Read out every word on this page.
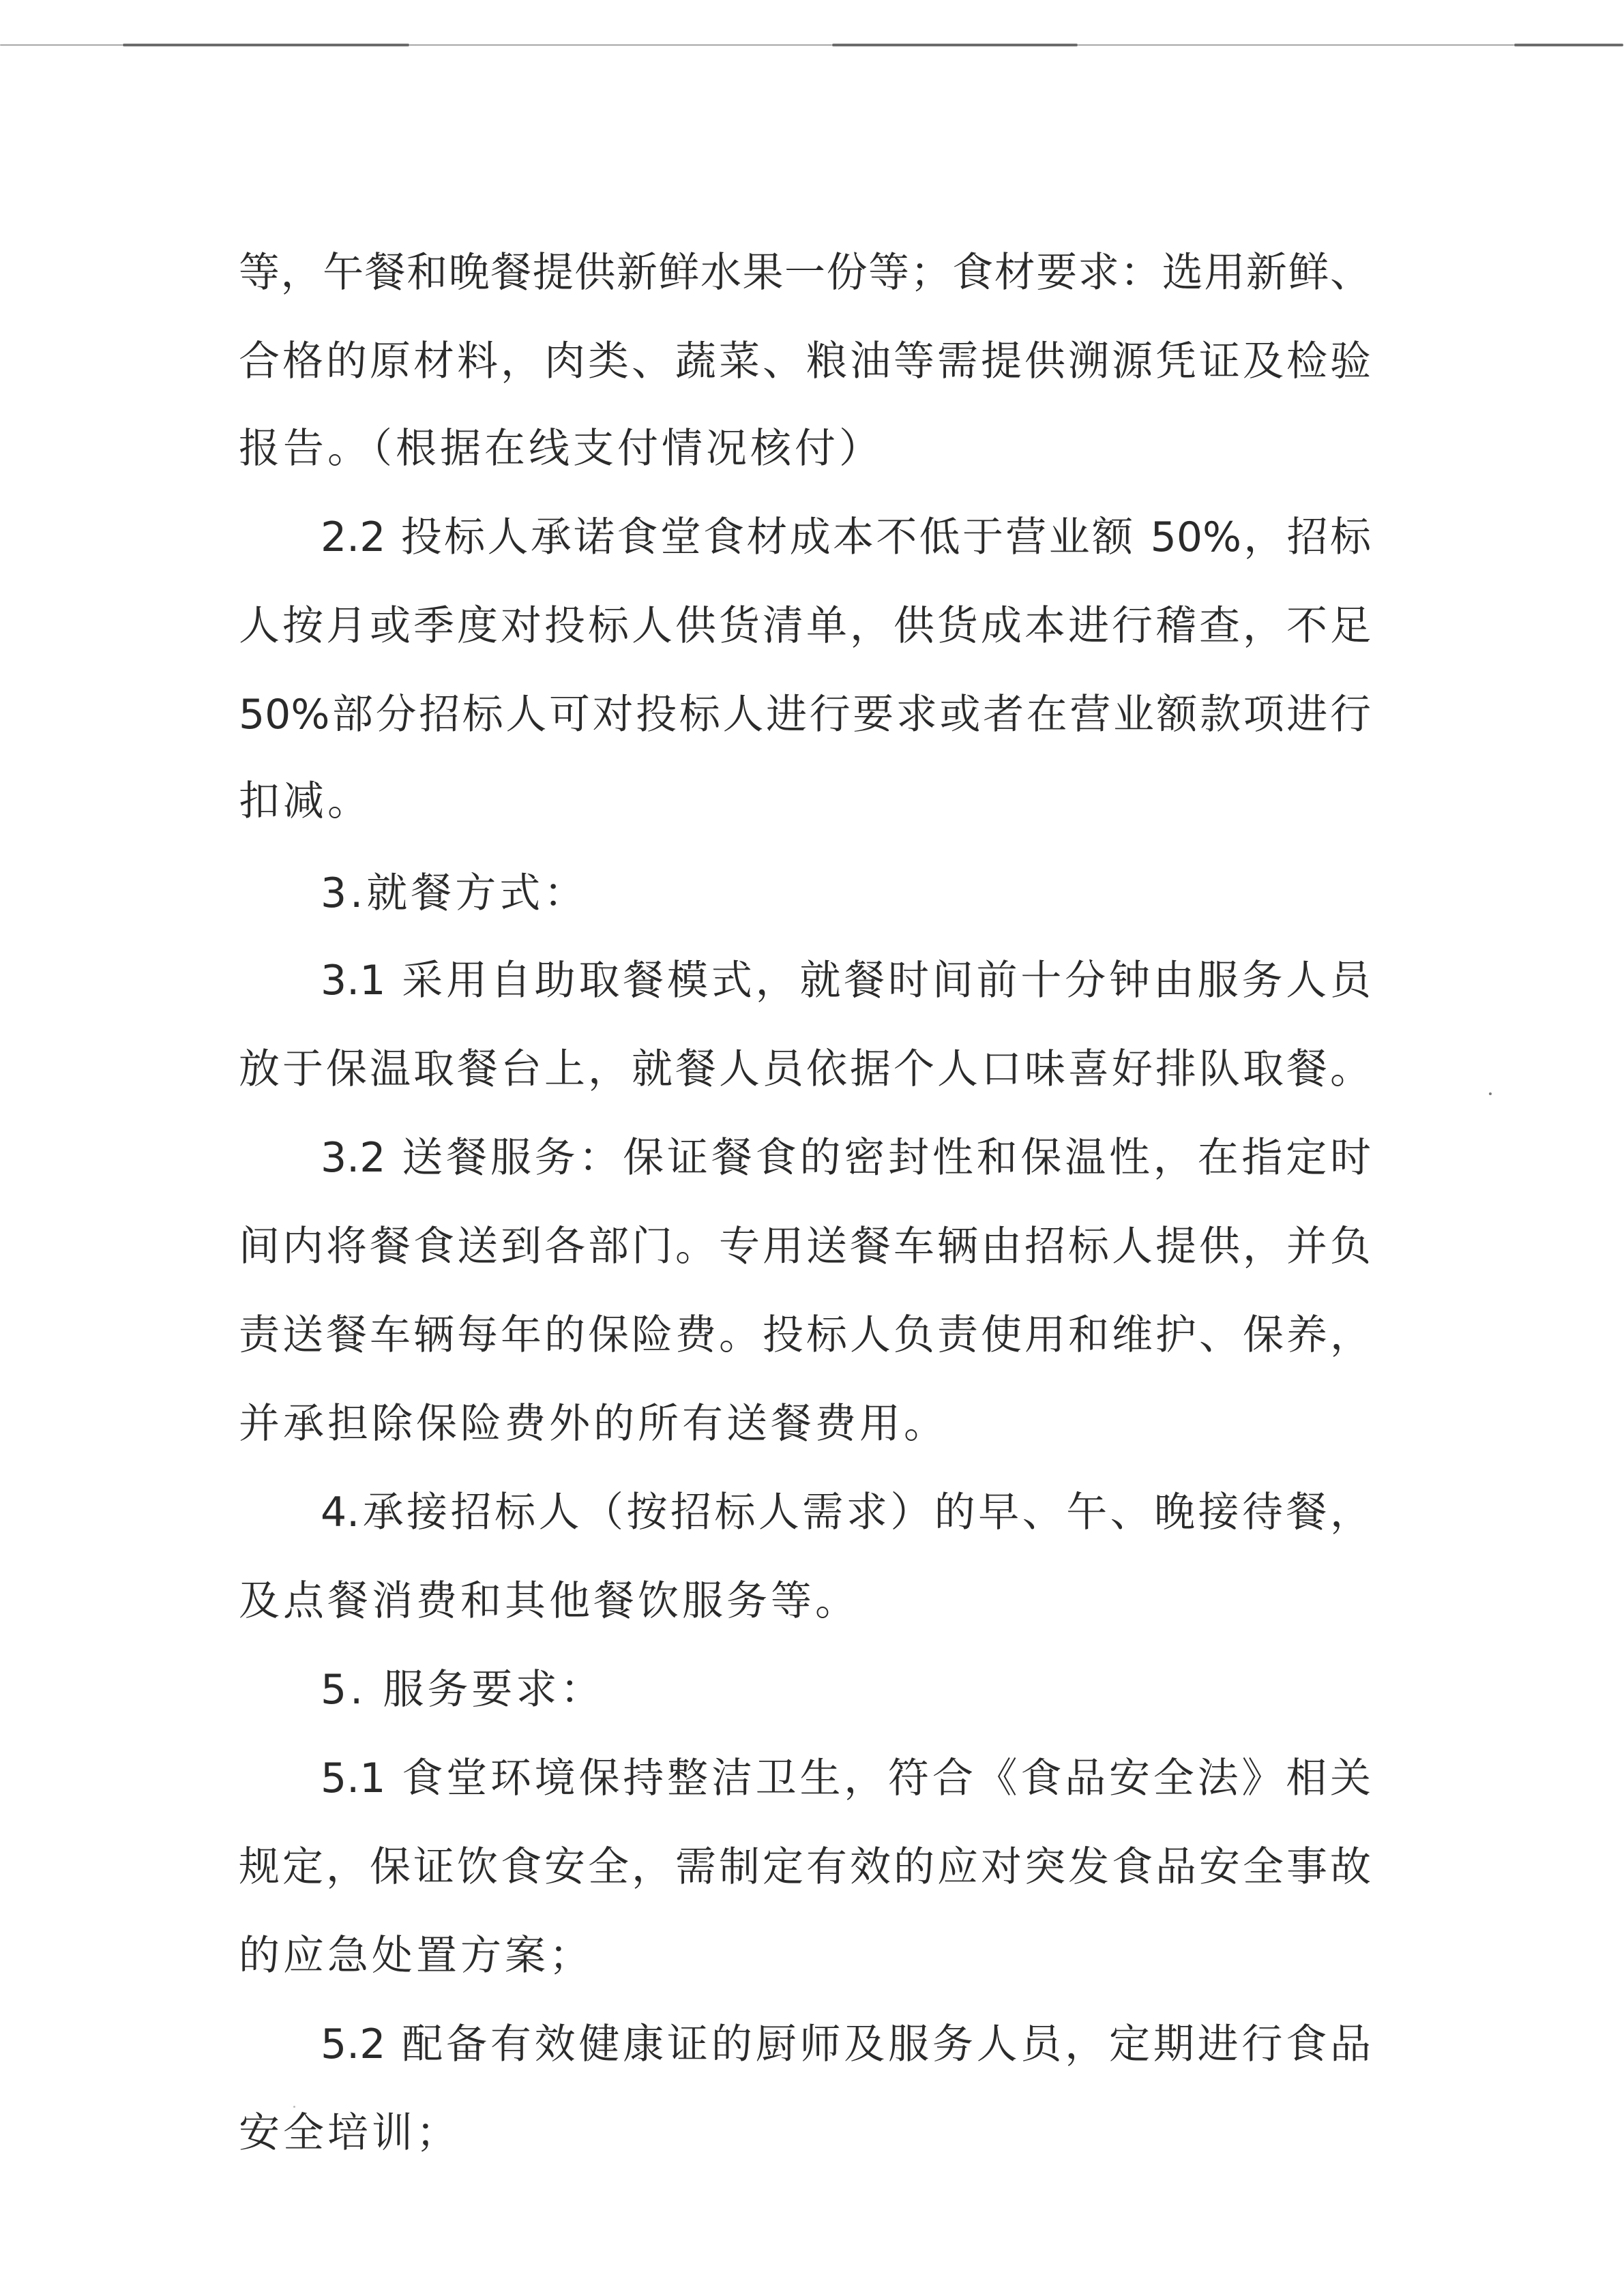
等，午餐和晚餐提供新鲜水果一份等；食材要求：选用新鲜、
合格的原材料，肉类、蔬菜、粮油等需提供溯源凭证及检验
报告。（根据在线支付情况核付）
2.2 投标人承诺食堂食材成本不低于营业额 50%，招标
人按月或季度对投标人供货清单，供货成本进行稽查，不足
50%部分招标人可对投标人进行要求或者在营业额款项进行
扣减。
3.就餐方式：
3.1 采用自助取餐模式，就餐时间前十分钟由服务人员
放于保温取餐台上，就餐人员依据个人口味喜好排队取餐。
3.2 送餐服务：保证餐食的密封性和保温性，在指定时
间内将餐食送到各部门。专用送餐车辆由招标人提供，并负
责送餐车辆每年的保险费。投标人负责使用和维护、保养，
并承担除保险费外的所有送餐费用。
4.承接招标人（按招标人需求）的早、午、晚接待餐，
及点餐消费和其他餐饮服务等。
5. 服务要求：
5.1 食堂环境保持整洁卫生，符合《食品安全法》相关
规定，保证饮食安全，需制定有效的应对突发食品安全事故
的应急处置方案；
5.2 配备有效健康证的厨师及服务人员，定期进行食品
安全培训；
